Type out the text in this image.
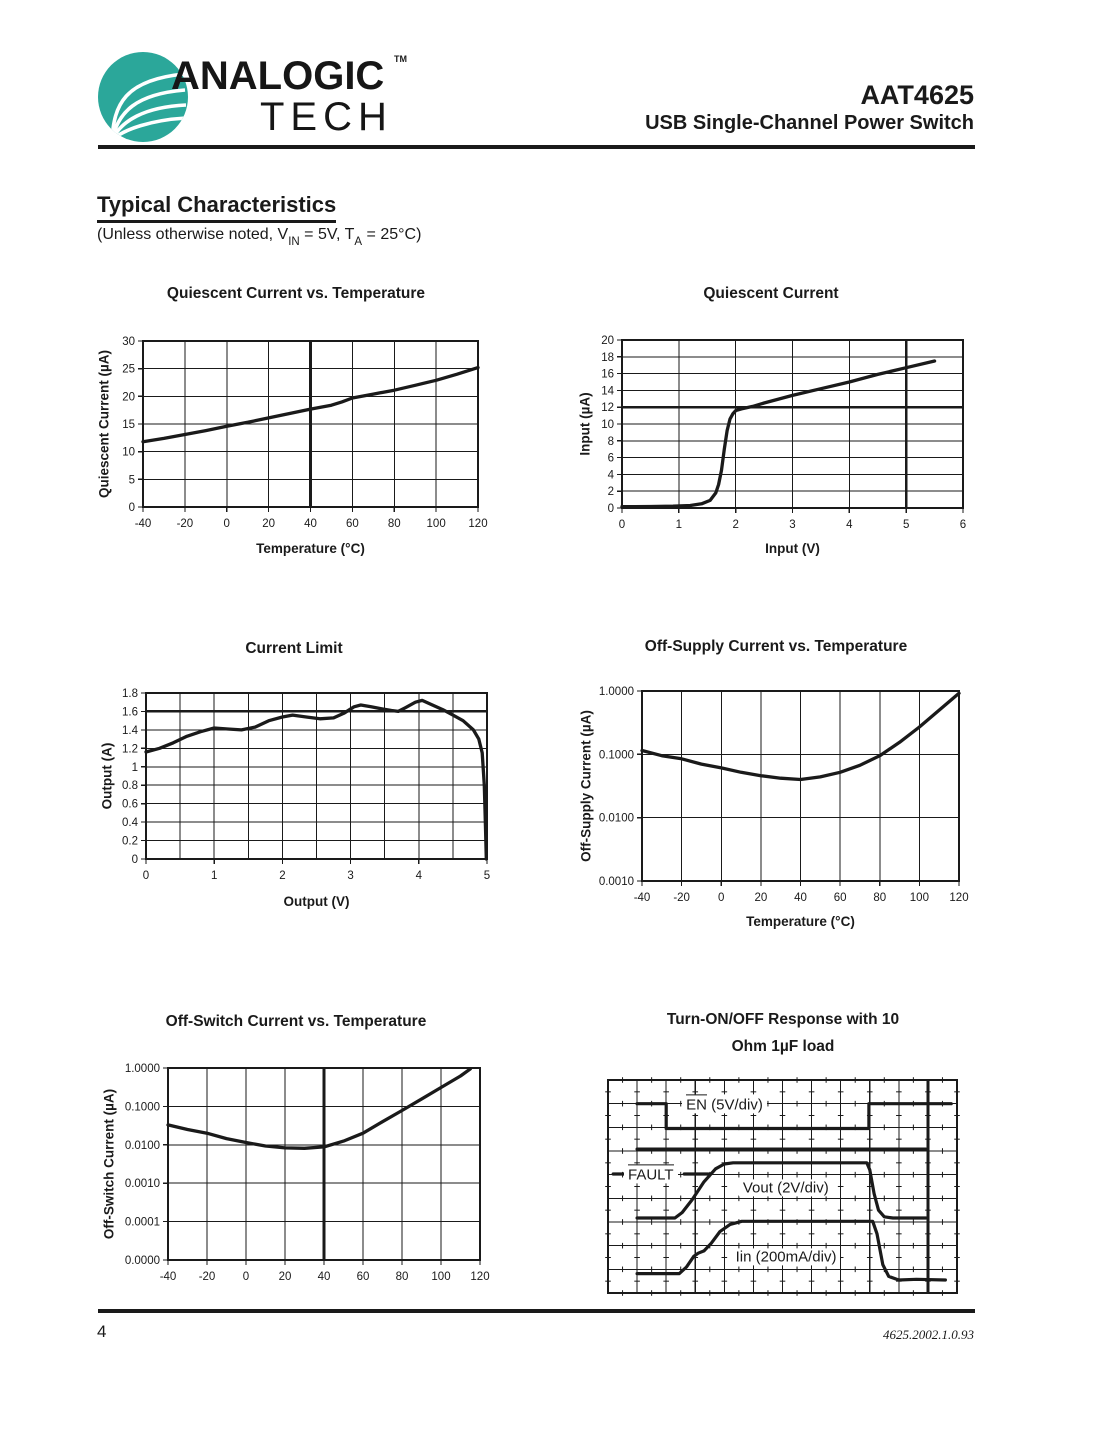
ANALOGIC TM
TECH	AAT4625
USB Single-Channel Power Switch
Typical Characteristics
(Unless otherwise noted, $V_{IN} = 5V$, $T_A = 25^\circ C$)
-40 -20	0	20	40	60	80 100 120
30
25
20
15
10
5
0
0	1	2	3	4	5	6
20
18
16
14
12
10
8
6
4
2
0
0	1	2	3	4	5
1.8
1.6
1.4
1.2
1
0.8
0.6
0.4
0.2
0
-40 -20 0	20 40 60 80 100 120
1.0000
0.1000
0.0100
0.0010
-40 -20 0	20 40 60 80 100 120
1.0000
0.1000
0.0100
0.0010
0.0001
0.0000
4	4625.2002.1.0.93
Quiescent Current vs. Temperature
Quiescent Current (µA)
Temperature (°C)
Quiescent Current
Input (µA)
Input (V)
Current Limit
Output (A)
Output (V)
Off-Supply Current vs. Temperature
Off-Supply Current (µA)
Temperature (°C)
Off-Switch Current vs. Temperature
Off-Switch Current (µA)	EN (5V/div)
FAULT
Vout (2V/div)
Iin (200mA/div)
Turn-ON/OFF Response with 10
Ohm 1µF load
